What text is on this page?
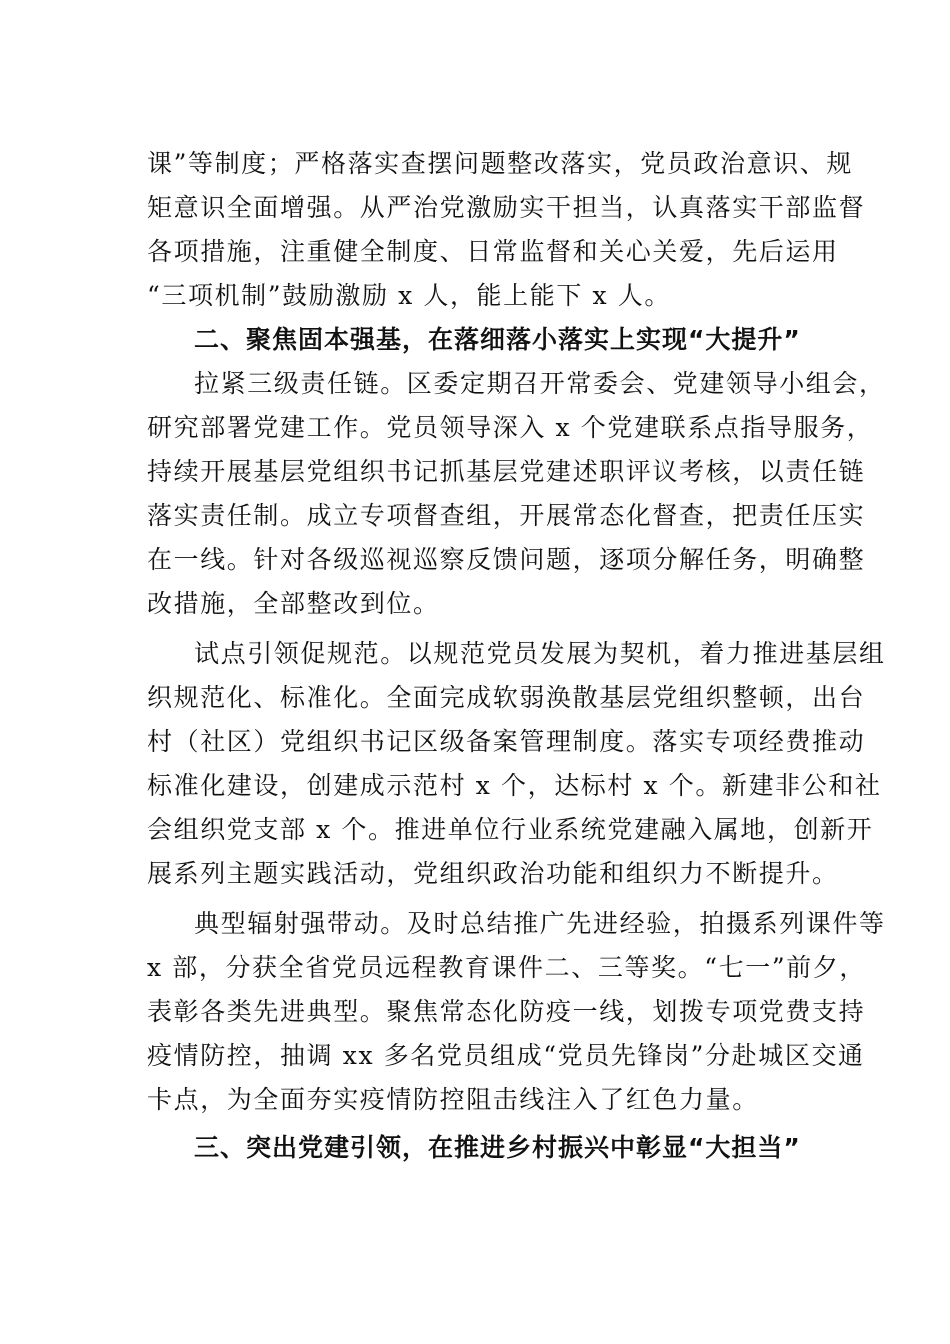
课”等制度；严格落实查摆问题整改落实，党员政治意识、规
矩意识全面增强。从严治党激励实干担当，认真落实干部监督
各项措施，注重健全制度、日常监督和关心关爱，先后运用
“三项机制”鼓励激励 x 人，能上能下 x 人。
二、聚焦固本强基，在落细落小落实上实现“大提升”
拉紧三级责任链。区委定期召开常委会、党建领导小组会，
研究部署党建工作。党员领导深入 x 个党建联系点指导服务，
持续开展基层党组织书记抓基层党建述职评议考核，以责任链
落实责任制。成立专项督查组，开展常态化督查，把责任压实
在一线。针对各级巡视巡察反馈问题，逐项分解任务，明确整
改措施，全部整改到位。
试点引领促规范。以规范党员发展为契机，着力推进基层组
织规范化、标准化。全面完成软弱涣散基层党组织整顿，出台
村（社区）党组织书记区级备案管理制度。落实专项经费推动
标准化建设，创建成示范村 x 个，达标村 x 个。新建非公和社
会组织党支部 x 个。推进单位行业系统党建融入属地，创新开
展系列主题实践活动，党组织政治功能和组织力不断提升。
典型辐射强带动。及时总结推广先进经验，拍摄系列课件等
x 部，分获全省党员远程教育课件二、三等奖。“七一”前夕，
表彰各类先进典型。聚焦常态化防疫一线，划拨专项党费支持
疫情防控，抽调 xx 多名党员组成“党员先锋岗”分赴城区交通
卡点，为全面夯实疫情防控阻击线注入了红色力量。
三、突出党建引领，在推进乡村振兴中彰显“大担当”
